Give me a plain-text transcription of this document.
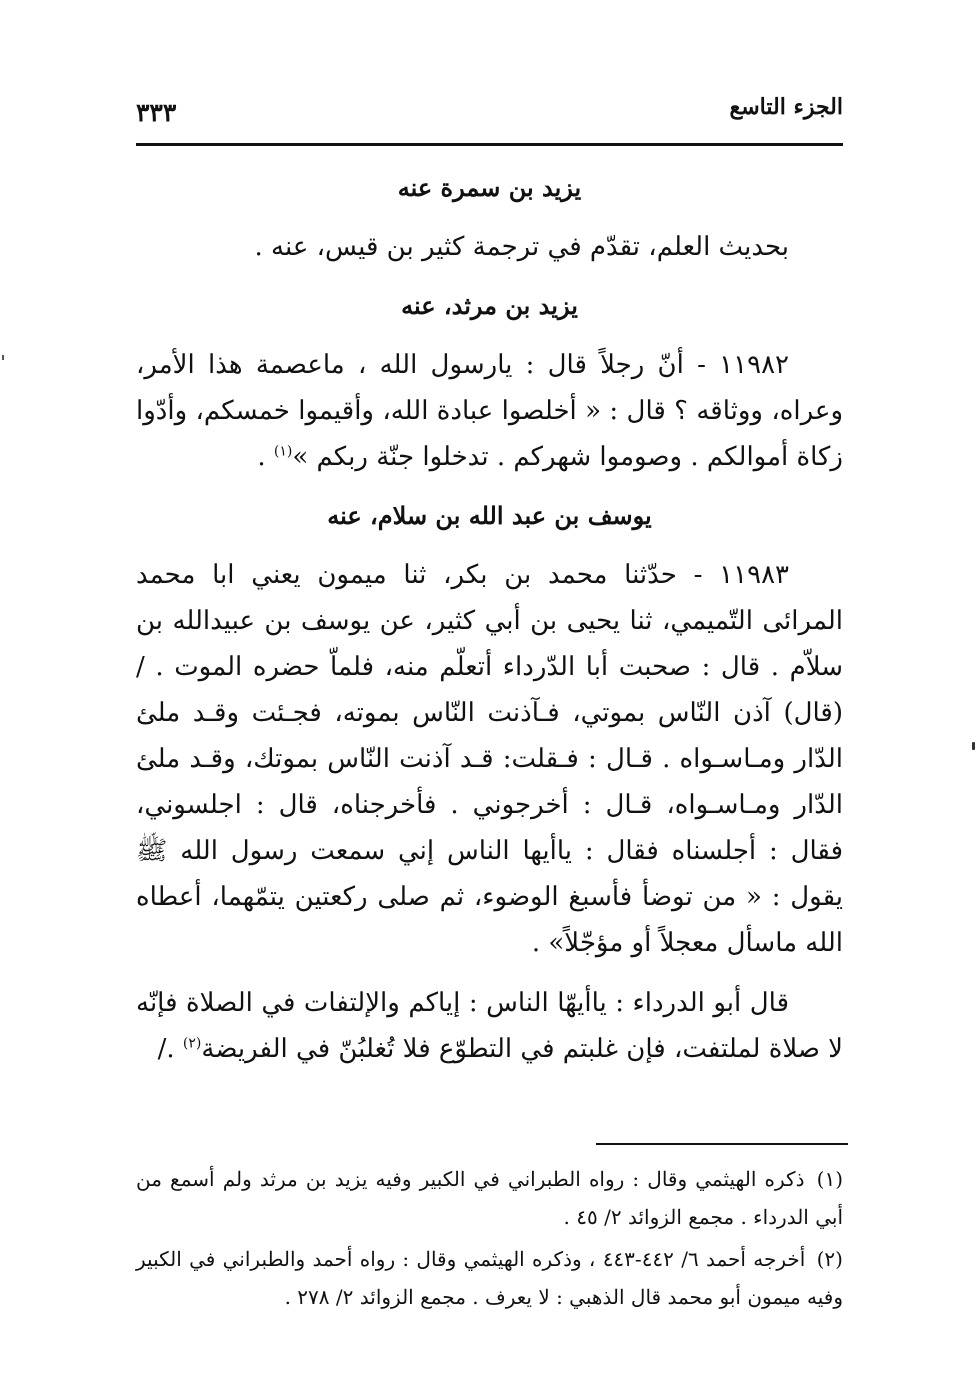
الجزء التاسع
٣٣٣
يزيد بن سمرة عنه

بحديث العلم، تقدّم في ترجمة كثير بن قيس، عنه .

يزيد بن مرثد، عنه

١١٩٨٢ - أنّ رجلاً قال : يارسول الله ، ماعصمة هذا الأمر، وعراه، ووثاقه ؟ قال : « أخلصوا عبادة الله، وأقيموا خمسكم، وأدّوا زكاة أموالكم . وصوموا شهركم . تدخلوا جنّة ربكم »$^{(١)}$ .

يوسف بن عبد الله بن سلام، عنه

١١٩٨٣ - حدّثنا محمد بن بكر، ثنا ميمون يعني ابا محمد المرائى التّميمي، ثنا يحيى بن أبي كثير، عن يوسف بن عبيدالله بن سلاّم . قال : صحبت أبا الدّرداء أتعلّم منه، فلماّ حضره الموت . / (قال) آذن النّاس بموتي، فـآذنت النّاس بموته، فجـئت وقـد ملئ الدّار ومـاسـواه . قـال : فـقلت: قـد آذنت النّاس بموتك، وقـد ملئ الدّار ومـاسـواه، قـال : أخرجوني . فأخرجناه، قال : اجلسوني، فقال : أجلسناه فقال : ياأيها الناس إني سمعت رسول الله ﷺ يقول : « من توضأ فأسبغ الوضوء، ثم صلى ركعتين يتمّهما، أعطاه الله ماسأل معجلاً أو مؤجّلاً» .

قال أبو الدرداء : ياأيهّا الناس : إياكم والإلتفات في الصلاة فإنّه لا صلاة لملتفت، فإن غلبتم في التطوّع فلا تُغلبُنّ في الفريضة$^{(٢)}$ ./

(١) ذكره الهيثمي وقال : رواه الطبراني في الكبير وفيه يزيد بن مرثد ولم أسمع من أبي الدرداء . مجمع الزوائد ٢/ ٤٥ .

(٢) أخرجه أحمد ٦/ ٤٤٢-٤٤٣ ، وذكره الهيثمي وقال : رواه أحمد والطبراني في الكبير وفيه ميمون أبو محمد قال الذهبي : لا يعرف . مجمع الزوائد ٢/ ٢٧٨ .
